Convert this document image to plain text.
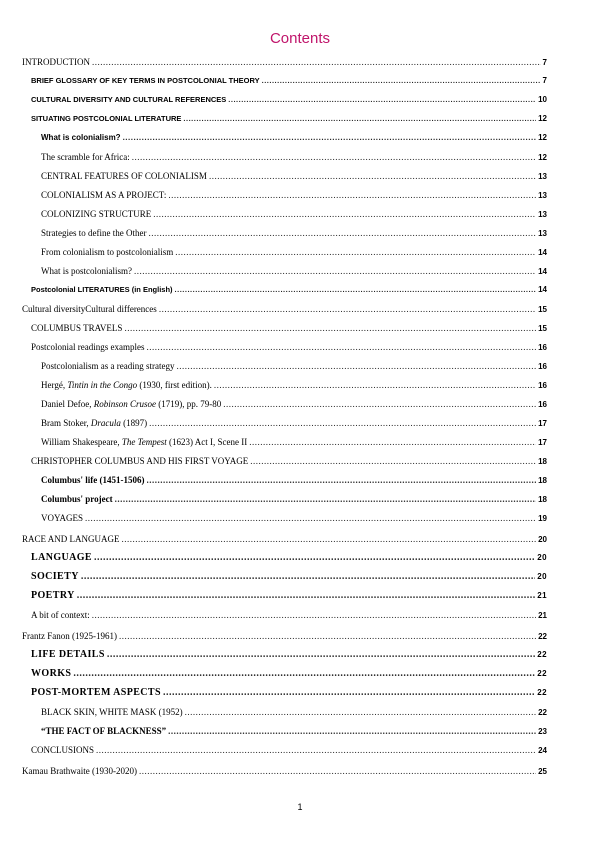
Contents
INTRODUCTION .....	7
BRIEF GLOSSARY OF KEY TERMS IN POSTCOLONIAL THEORY .....	7
CULTURAL DIVERSITY AND CULTURAL REFERENCES .....	10
SITUATING POSTCOLONIAL LITERATURE .....	12
What is colonialism? .....	12
The scramble for Africa: .....	12
CENTRAL FEATURES OF COLONIALISM .....	13
COLONIALISM AS A PROJECT: .....	13
COLONIZING STRUCTURE .....	13
Strategies to define the Other .....	13
From colonialism to postcolonialism .....	14
What is postcolonialism? .....	14
Postcolonial LITERATURES (in English) .....	14
Cultural diversityCultural differences .....	15
COLUMBUS TRAVELS .....	15
Postcolonial readings examples .....	16
Postcolonialism as a reading strategy .....	16
Hergé, Tintin in the Congo (1930, first edition). .....	16
Daniel Defoe, Robinson Crusoe (1719), pp. 79-80 .....	16
Bram Stoker, Dracula (1897) .....	17
William Shakespeare, The Tempest (1623) Act I, Scene II .....	17
CHRISTOPHER COLUMBUS AND HIS FIRST VOYAGE .....	18
Columbus' life (1451-1506) .....	18
Columbus' project .....	18
VOYAGES .....	19
RACE AND LANGUAGE .....	20
LANGUAGE .....	20
SOCIETY .....	20
POETRY .....	21
A bit of context: .....	21
Frantz Fanon (1925-1961) .....	22
LIFE DETAILS .....	22
WORKS .....	22
POST-MORTEM ASPECTS .....	22
BLACK SKIN, WHITE MASK (1952) .....	22
“THE FACT OF BLACKNESS” .....	23
CONCLUSIONS .....	24
Kamau Brathwaite (1930-2020) .....	25
1
